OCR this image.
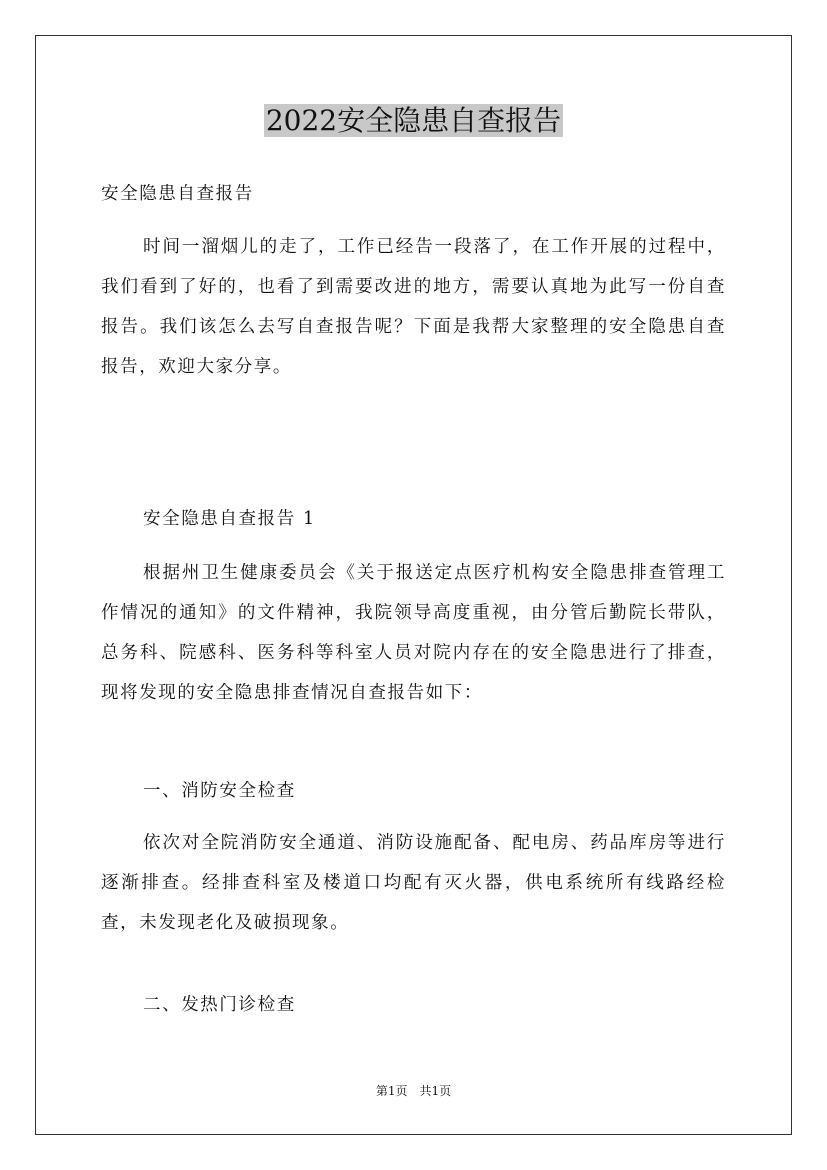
2022安全隐患自查报告

安全隐患自查报告

时间一溜烟儿的走了，工作已经告一段落了，在工作开展的过程中，我们看到了好的，也看了到需要改进的地方，需要认真地为此写一份自查报告。我们该怎么去写自查报告呢？下面是我帮大家整理的安全隐患自查报告，欢迎大家分享。

安全隐患自查报告 1

根据州卫生健康委员会《关于报送定点医疗机构安全隐患排查管理工作情况的通知》的文件精神，我院领导高度重视，由分管后勤院长带队，总务科、院感科、医务科等科室人员对院内存在的安全隐患进行了排查，现将发现的安全隐患排查情况自查报告如下：

一、消防安全检查

依次对全院消防安全通道、消防设施配备、配电房、药品库房等进行逐渐排查。经排查科室及楼道口均配有灭火器，供电系统所有线路经检查，未发现老化及破损现象。

二、发热门诊检查

第1页　共1页
